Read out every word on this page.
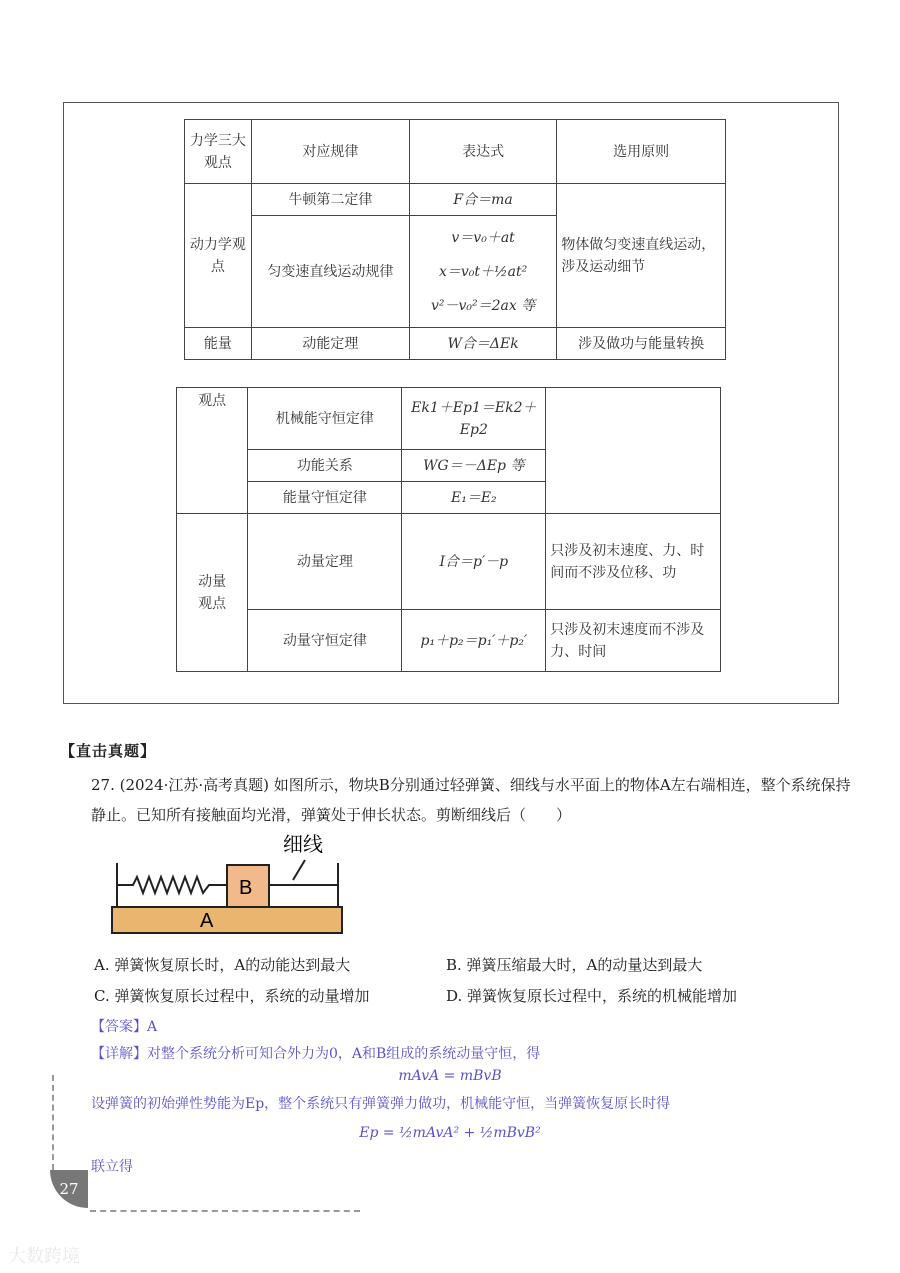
力学三大观点	对应规律	表达式	选用原则
动力学观点	牛顿第二定律	F合＝ma	物体做匀变速直线运动，涉及运动细节
	匀变速直线运动规律	v＝v₀＋at
x＝v₀t＋½at²
v²－v₀²＝2ax 等	

能量	动能定理	W合＝ΔEk	涉及做功与能量转换
观点	机械能守恒定律	Ek1＋Ep1＝Ek2＋Ep2	
	功能关系	WG＝－ΔEp 等	
	能量守恒定律	E₁＝E₂	

动量
观点	动量定理	I合＝p′－p	只涉及初末速度、力、时间而不涉及位移、功
	动量守恒定律	p₁＋p₂＝p₁′＋p₂′	只涉及初末速度而不涉及力、时间
【直击真题】
27. (2024·江苏·高考真题) 如图所示，物块B分别通过轻弹簧、细线与水平面上的物体A左右端相连，整个系统保持静止。已知所有接触面均光滑，弹簧处于伸长状态。剪断细线后（　　）
A
B
细线
A. 弹簧恢复原长时，A的动能达到最大	B. 弹簧压缩最大时，A的动量达到最大
C. 弹簧恢复原长过程中，系统的动量增加	D. 弹簧恢复原长过程中，系统的机械能增加
【答案】A
【详解】对整个系统分析可知合外力为0，A和B组成的系统动量守恒，得
mAvA = mBvB
设弹簧的初始弹性势能为Ep，整个系统只有弹簧弹力做功，机械能守恒，当弹簧恢复原长时得
Ep = ½mAvA² + ½mBvB²
联立得
27
大数跨境
